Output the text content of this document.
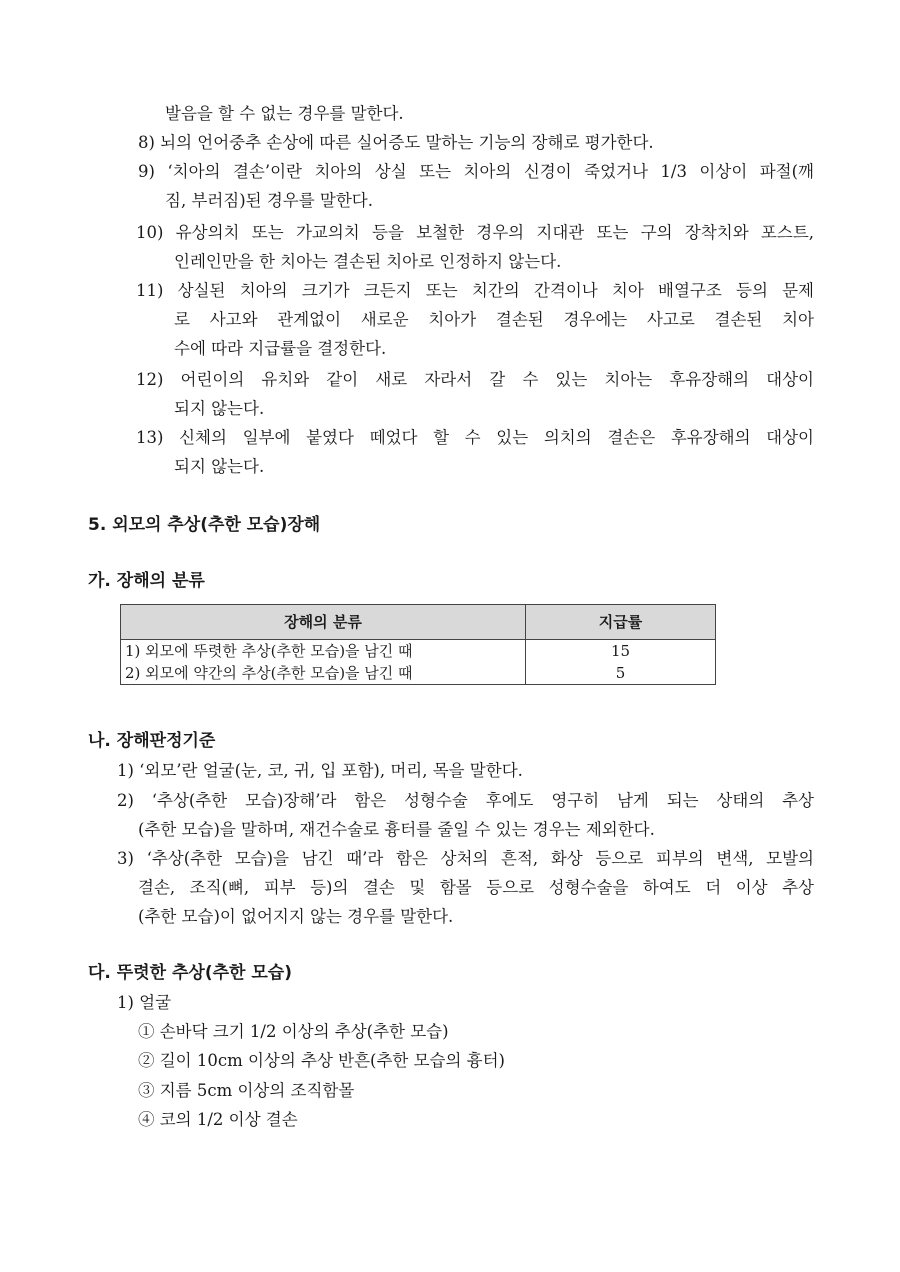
발음을 할 수 없는 경우를 말한다.
8) 뇌의 언어중추 손상에 따른 실어증도 말하는 기능의 장해로 평가한다.
9) ‘치아의 결손’이란 치아의 상실 또는 치아의 신경이 죽었거나 1/3 이상이 파절(깨
짐, 부러짐)된 경우를 말한다.
10) 유상의치 또는 가교의치 등을 보철한 경우의 지대관 또는 구의 장착치와 포스트,
인레인만을 한 치아는 결손된 치아로 인정하지 않는다.
11) 상실된 치아의 크기가 크든지 또는 치간의 간격이나 치아 배열구조 등의 문제
로 사고와 관계없이 새로운 치아가 결손된 경우에는 사고로 결손된 치아
수에 따라 지급률을 결정한다.
12) 어린이의 유치와 같이 새로 자라서 갈 수 있는 치아는 후유장해의 대상이
되지 않는다.
13) 신체의 일부에 붙였다 떼었다 할 수 있는 의치의 결손은 후유장해의 대상이
되지 않는다.
5. 외모의 추상(추한 모습)장해
가. 장해의 분류
장해의 분류	지급률
1) 외모에 뚜렷한 추상(추한 모습)을 남긴 때	15
2) 외모에 약간의 추상(추한 모습)을 남긴 때	5
나. 장해판정기준
1) ‘외모’란 얼굴(눈, 코, 귀, 입 포함), 머리, 목을 말한다.
2) ‘추상(추한 모습)장해’라 함은 성형수술 후에도 영구히 남게 되는 상태의 추상
(추한 모습)을 말하며, 재건수술로 흉터를 줄일 수 있는 경우는 제외한다.
3) ‘추상(추한 모습)을 남긴 때’라 함은 상처의 흔적, 화상 등으로 피부의 변색, 모발의
결손, 조직(뼈, 피부 등)의 결손 및 함몰 등으로 성형수술을 하여도 더 이상 추상
(추한 모습)이 없어지지 않는 경우를 말한다.
다. 뚜렷한 추상(추한 모습)
1) 얼굴
① 손바닥 크기 1/2 이상의 추상(추한 모습)
② 길이 10cm 이상의 추상 반흔(추한 모습의 흉터)
③ 지름 5cm 이상의 조직함몰
④ 코의 1/2 이상 결손
